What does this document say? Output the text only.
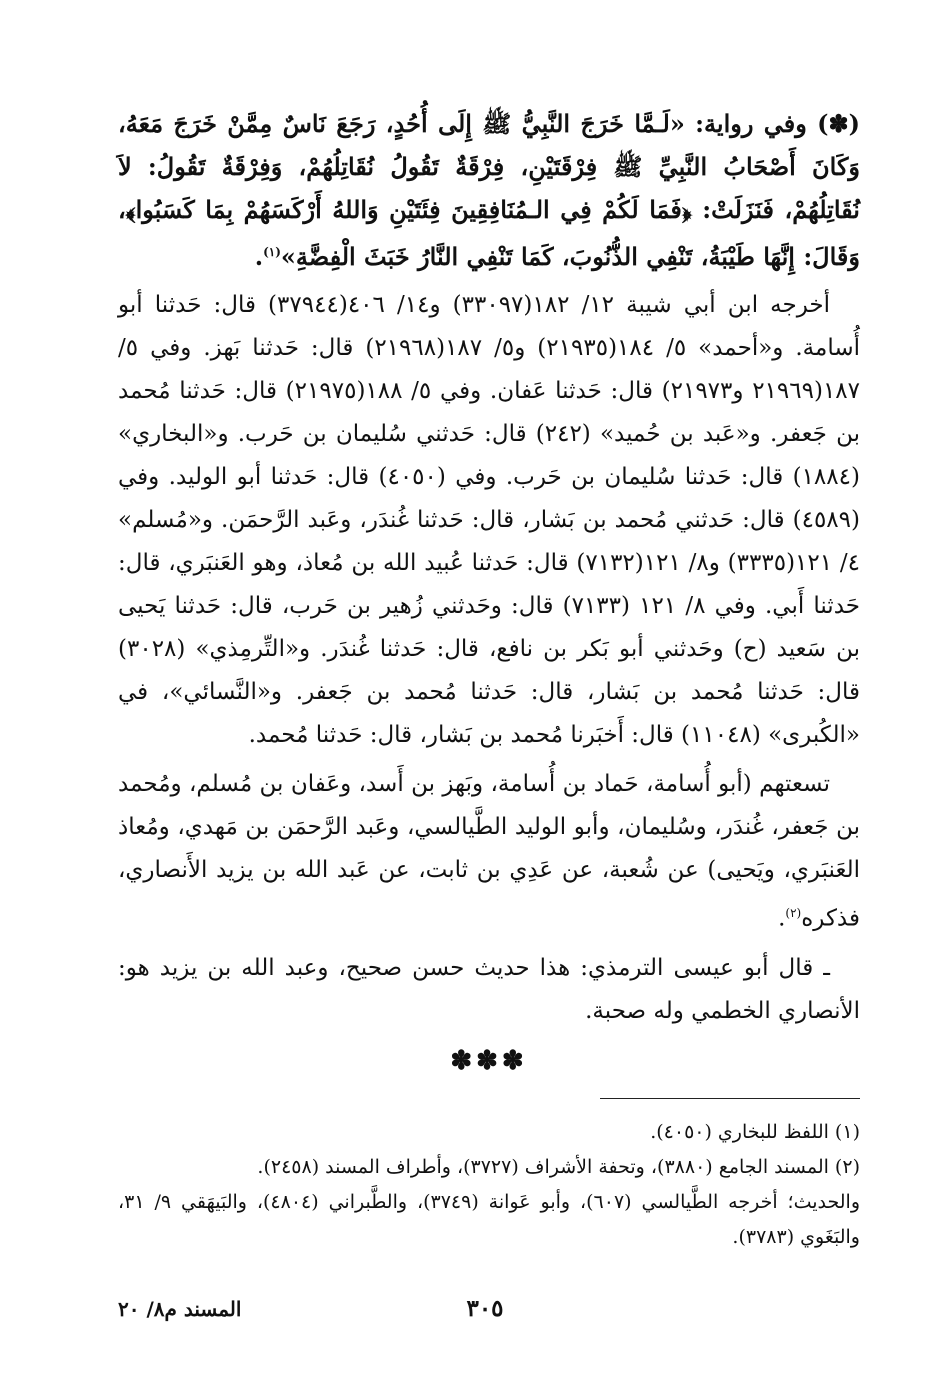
(✽) وفي رواية: «لَـمَّا خَرَجَ النَّبِيُّ ﷺ إِلَى أُحُدٍ، رَجَعَ نَاسٌ مِمَّنْ خَرَجَ مَعَهُ، وَكَانَ أَصْحَابُ النَّبِيِّ ﷺ فِرْقَتَيْنِ، فِرْقَةٌ تَقُولُ نُقَاتِلُهُمْ، وَفِرْقَةٌ تَقُولُ: لاَ نُقَاتِلُهُمْ، فَنَزَلَتْ: ﴿فَمَا لَكُمْ فِي الـمُنَافِقِينَ فِئَتَيْنِ وَاللهُ أَرْكَسَهُمْ بِمَا كَسَبُوا﴾، وَقَالَ: إِنَّهَا طَيْبَةُ، تَنْفِي الذُّنُوبَ، كَمَا تَنْفِي النَّارُ خَبَثَ الْفِضَّةِ»$^{(١)}$.

أخرجه ابن أبي شيبة ١٢/ ١٨٢(٣٣٠٩٧) و١٤/ ٤٠٦(٣٧٩٤٤) قال: حَدثنا أبو أُسامة. و«أحمد» ٥/ ١٨٤(٢١٩٣٥) و٥/ ١٨٧(٢١٩٦٨) قال: حَدثنا بَهز. وفي ٥/ ١٨٧(٢١٩٦٩ و٢١٩٧٣) قال: حَدثنا عَفان. وفي ٥/ ١٨٨(٢١٩٧٥) قال: حَدثنا مُحمد بن جَعفر. و«عَبد بن حُميد» (٢٤٢) قال: حَدثني سُليمان بن حَرب. و«البخاري» (١٨٨٤) قال: حَدثنا سُليمان بن حَرب. وفي (٤٠٥٠) قال: حَدثنا أبو الوليد. وفي (٤٥٨٩) قال: حَدثني مُحمد بن بَشار، قال: حَدثنا غُندَر، وعَبد الرَّحمَن. و«مُسلم» ٤/ ١٢١(٣٣٣٥) و٨/ ١٢١(٧١٣٢) قال: حَدثنا عُبيد الله بن مُعاذ، وهو العَنبَري، قال: حَدثنا أَبي. وفي ٨/ ١٢١ (٧١٣٣) قال: وحَدثني زُهير بن حَرب، قال: حَدثنا يَحيى بن سَعيد (ح) وحَدثني أبو بَكر بن نافع، قال: حَدثنا غُندَر. و«التِّرمِذي» (٣٠٢٨) قال: حَدثنا مُحمد بن بَشار، قال: حَدثنا مُحمد بن جَعفر. و«النَّسائي»، في «الكُبرى» (١١٠٤٨) قال: أَخبَرنا مُحمد بن بَشار، قال: حَدثنا مُحمد.

تسعتهم (أبو أُسامة، حَماد بن أُسامة، وبَهز بن أَسد، وعَفان بن مُسلم، ومُحمد بن جَعفر، غُندَر، وسُليمان، وأبو الوليد الطَّيالسي، وعَبد الرَّحمَن بن مَهدي، ومُعاذ العَنبَري، ويَحيى) عن شُعبة، عن عَدِي بن ثابت، عن عَبد الله بن يزيد الأَنصاري، فذكره$^{(٢)}$.

ـ قال أبو عيسى الترمذي: هذا حديث حسن صحيح، وعبد الله بن يزيد هو: الأنصاري الخطمي وله صحبة.

✽✽✽

(١) اللفظ للبخاري (٤٠٥٠).

(٢) المسند الجامع (٣٨٨٠)، وتحفة الأشراف (٣٧٢٧)، وأطراف المسند (٢٤٥٨).

والحديث؛ أخرجه الطَّيالسي (٦٠٧)، وأبو عَوانة (٣٧٤٩)، والطَّبراني (٤٨٠٤)، والبَيهَقي ٩/ ٣١، والبَغَوي (٣٧٨٣).

٣٠٥
المسند م٨/ ٢٠
